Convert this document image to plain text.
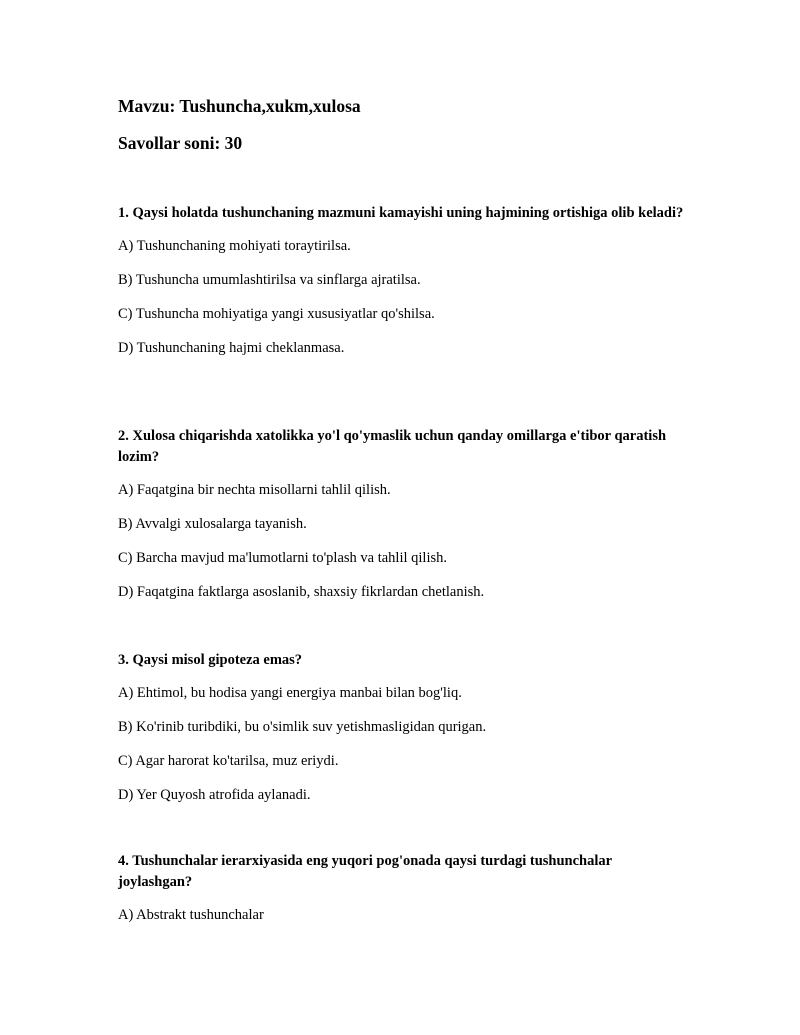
Mavzu: Tushuncha,xukm,xulosa
Savollar soni: 30

1. Qaysi holatda tushunchaning mazmuni kamayishi uning hajmining ortishiga olib keladi?

A) Tushunchaning mohiyati toraytirilsa.
B) Tushuncha umumlashtirilsa va sinflarga ajratilsa.
C) Tushuncha mohiyatiga yangi xususiyatlar qo'shilsa.
D) Tushunchaning hajmi cheklanmasa.

2. Xulosa chiqarishda xatolikka yo'l qo'ymaslik uchun qanday omillarga e'tibor qaratish lozim?

A) Faqatgina bir nechta misollarni tahlil qilish.
B) Avvalgi xulosalarga tayanish.
C) Barcha mavjud ma'lumotlarni to'plash va tahlil qilish.
D) Faqatgina faktlarga asoslanib, shaxsiy fikrlardan chetlanish.

3. Qaysi misol gipoteza emas?

A) Ehtimol, bu hodisa yangi energiya manbai bilan bog'liq.
B) Ko'rinib turibdiki, bu o'simlik suv yetishmasligidan qurigan.
C) Agar harorat ko'tarilsa, muz eriydi.
D) Yer Quyosh atrofida aylanadi.

4. Tushunchalar ierarxiyasida eng yuqori pog'onada qaysi turdagi tushunchalar joylashgan?

A) Abstrakt tushunchalar
